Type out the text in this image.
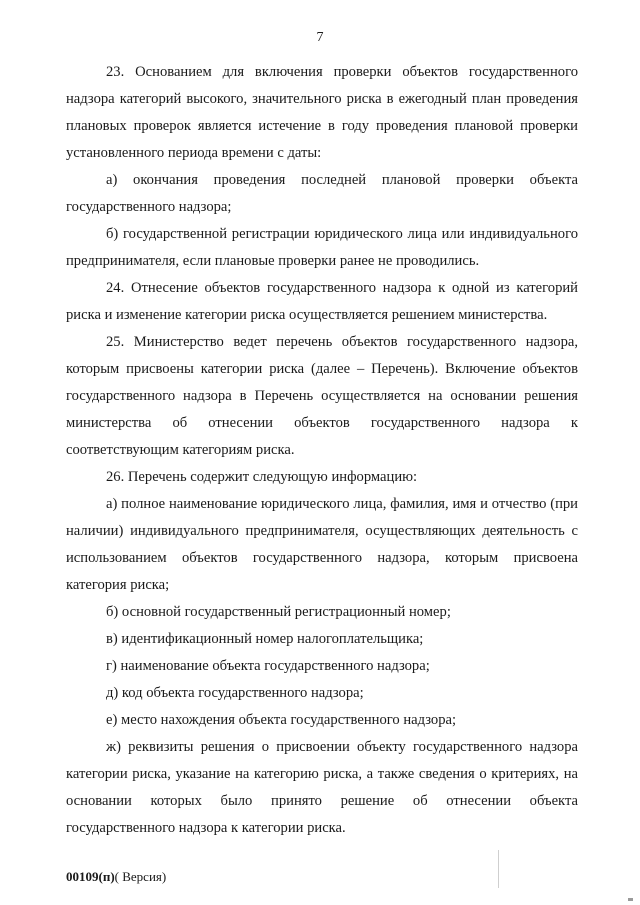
7

23. Основанием для включения проверки объектов государственного надзора категорий высокого, значительного риска в ежегодный план проведения плановых проверок является истечение в году проведения плановой проверки установленного периода времени с даты:

а) окончания проведения последней плановой проверки объекта государственного надзора;

б) государственной регистрации юридического лица или индивидуального предпринимателя, если плановые проверки ранее не проводились.

24. Отнесение объектов государственного надзора к одной из категорий риска и изменение категории риска осуществляется решением министерства.

25. Министерство ведет перечень объектов государственного надзора, которым присвоены категории риска (далее – Перечень). Включение объектов государственного надзора в Перечень осуществляется на основании решения министерства об отнесении объектов государственного надзора к соответствующим категориям риска.

26. Перечень содержит следующую информацию:

а) полное наименование юридического лица, фамилия, имя и отчество (при наличии) индивидуального предпринимателя, осуществляющих деятельность с использованием объектов государственного надзора, которым присвоена категория риска;

б) основной государственный регистрационный номер;

в) идентификационный номер налогоплательщика;

г) наименование объекта государственного надзора;

д) код объекта государственного надзора;

е) место нахождения объекта государственного надзора;

ж) реквизиты решения о присвоении объекту государственного надзора категории риска, указание на категорию риска, а также сведения о критериях, на основании которых было принято решение об отнесении объекта государственного надзора к категории риска.

00109(п)( Версия)
